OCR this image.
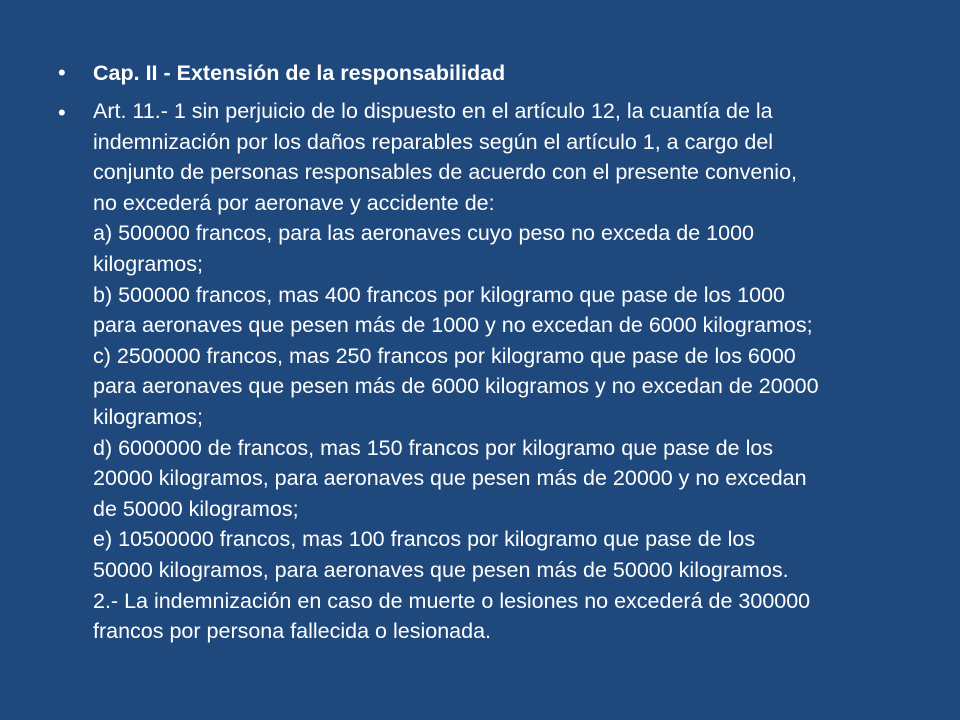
• Cap. II - Extensión de la responsabilidad
• Art. 11.- 1 sin perjuicio de lo dispuesto en el artículo 12, la cuantía de la
indemnización por los daños reparables según el artículo 1, a cargo del
conjunto de personas responsables de acuerdo con el presente convenio,
no excederá por aeronave y accidente de:
a) 500000 francos, para las aeronaves cuyo peso no exceda de 1000
kilogramos;
b) 500000 francos, mas 400 francos por kilogramo que pase de los 1000
para aeronaves que pesen más de 1000 y no excedan de 6000 kilogramos;
c) 2500000 francos, mas 250 francos por kilogramo que pase de los 6000
para aeronaves que pesen más de 6000 kilogramos y no excedan de 20000
kilogramos;
d) 6000000 de francos, mas 150 francos por kilogramo que pase de los
20000 kilogramos, para aeronaves que pesen más de 20000 y no excedan
de 50000 kilogramos;
e) 10500000 francos, mas 100 francos por kilogramo que pase de los
50000 kilogramos, para aeronaves que pesen más de 50000 kilogramos.
2.- La indemnización en caso de muerte o lesiones no excederá de 300000
francos por persona fallecida o lesionada.
